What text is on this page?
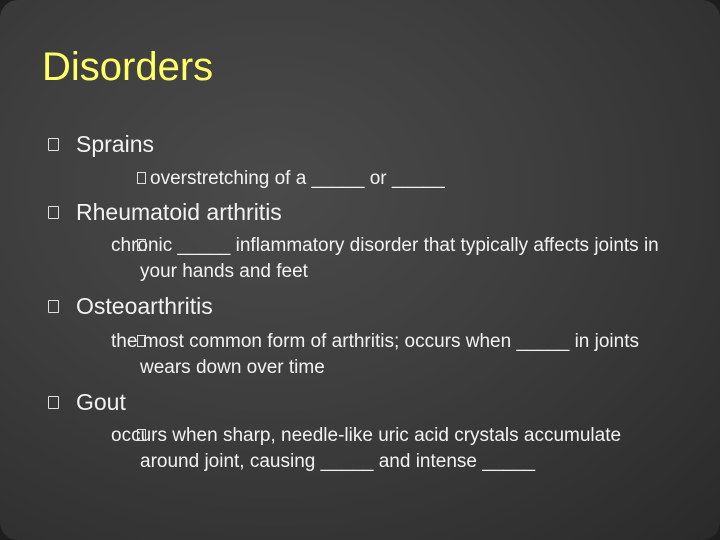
Disorders
Sprains
overstretching of a _____ or _____
Rheumatoid arthritis
chronic _____ inflammatory disorder that typically affects joints in your hands and feet
Osteoarthritis
the most common form of arthritis; occurs when _____ in joints wears down over time
Gout
occurs when sharp, needle-like uric acid crystals accumulate around joint, causing _____ and intense _____
